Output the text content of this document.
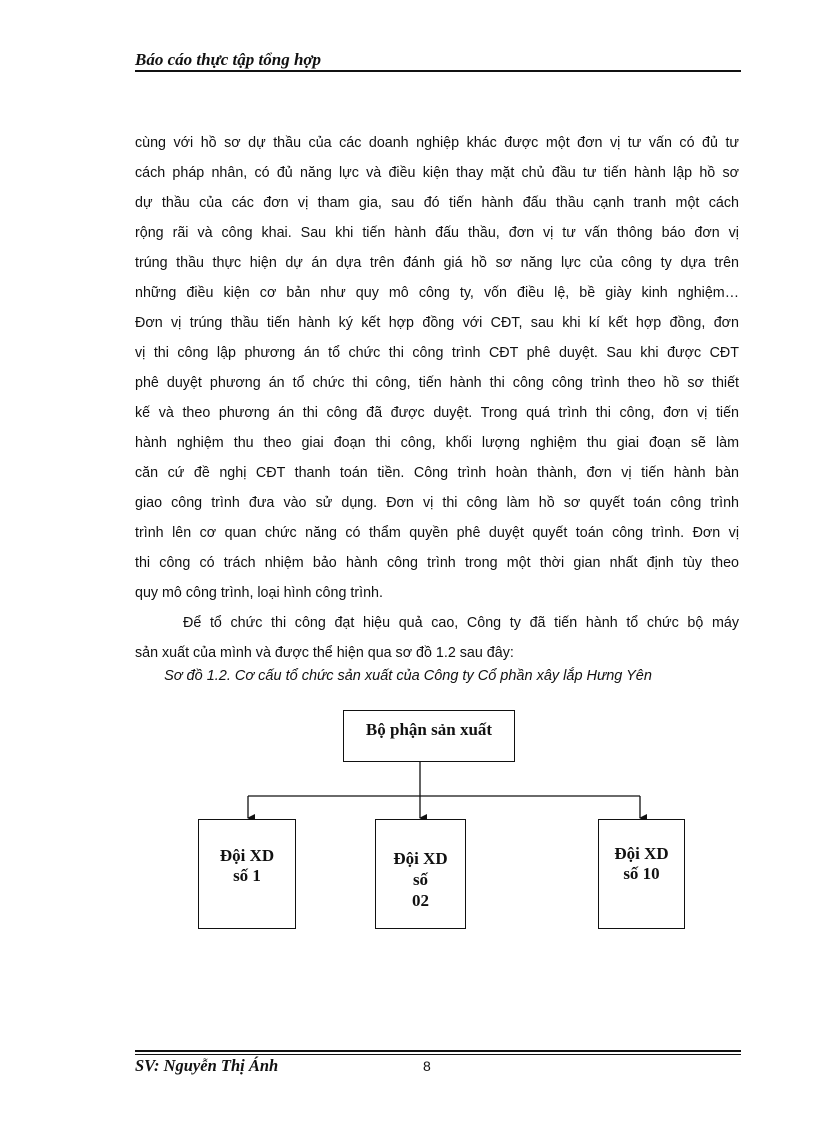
Báo cáo thực tập tổng hợp
cùng với hồ sơ dự thầu của các doanh nghiệp khác được một đơn vị tư vấn có đủ tư
cách pháp nhân, có đủ năng lực và điều kiện thay mặt chủ đầu tư tiến hành lập hồ sơ
dự thầu của các đơn vị tham gia, sau đó tiến hành đấu thầu cạnh tranh một cách
rộng rãi và công khai. Sau khi tiến hành đấu thầu, đơn vị tư vấn thông báo đơn vị
trúng thầu thực hiện dự án dựa trên đánh giá hồ sơ năng lực của công ty dựa trên
những điều kiện cơ bản như quy mô công ty, vốn điều lệ, bề giày kinh nghiệm…
Đơn vị trúng thầu tiến hành ký kết hợp đồng với CĐT, sau khi kí kết hợp đồng, đơn
vị thi công lập phương án tổ chức thi công trình CĐT phê duyệt. Sau khi được CĐT
phê duyệt phương án tổ chức thi công, tiến hành thi công công trình theo hồ sơ thiết
kế và theo phương án thi công đã được duyệt. Trong quá trình thi công, đơn vị tiến
hành nghiệm thu theo giai đoạn thi công, khối lượng nghiệm thu giai đoạn sẽ làm
căn cứ đề nghị CĐT thanh toán tiền. Công trình hoàn thành, đơn vị tiến hành bàn
giao công trình đưa vào sử dụng. Đơn vị thi công làm hồ sơ quyết toán công trình
trình lên cơ quan chức năng có thẩm quyền phê duyệt quyết toán công trình. Đơn vị
thi công có trách nhiệm bảo hành công trình trong một thời gian nhất định tùy theo
quy mô công trình, loại hình công trình.
Để tổ chức thi công đạt hiệu quả cao, Công ty đã tiến hành tổ chức bộ máy
sản xuất của mình và được thể hiện qua sơ đồ 1.2 sau đây:
Sơ đồ 1.2. Cơ cấu tổ chức sản xuất của Công ty Cổ phần xây lắp Hưng Yên
Bộ phận sản xuất
Đội XD
số 1
Đội XD
số
02
Đội XD
số 10
SV: Nguyễn Thị Ánh	8
